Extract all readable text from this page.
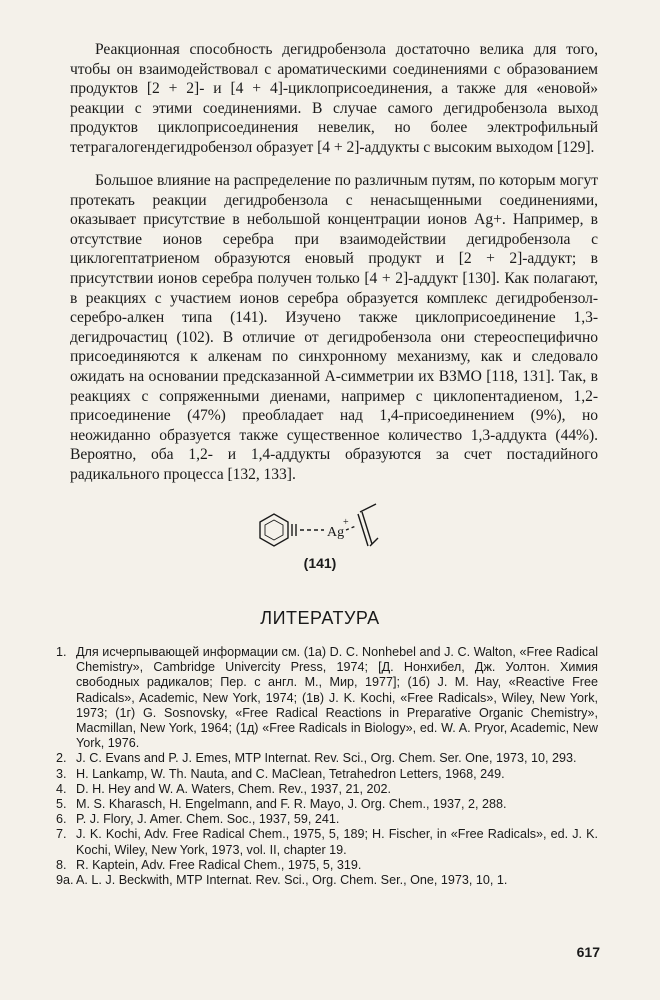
Реакционная способность дегидробензола достаточно велика для того, чтобы он взаимодействовал с ароматическими соединениями с образованием продуктов [2 + 2]- и [4 + 4]-циклоприсоединения, а также для «еновой» реакции с этими соединениями. В случае самого дегидробензола выход продуктов циклоприсоединения невелик, но более электрофильный тетрагалогендегидробензол образует [4 + 2]-аддукты с высоким выходом [129].

Большое влияние на распределение по различным путям, по которым могут протекать реакции дегидробензола с ненасыщенными соединениями, оказывает присутствие в небольшой концентрации ионов Ag+. Например, в отсутствие ионов серебра при взаимодействии дегидробензола с циклогептатриеном образуются еновый продукт и [2 + 2]-аддукт; в присутствии ионов серебра получен только [4 + 2]-аддукт [130]. Как полагают, в реакциях с участием ионов серебра образуется комплекс дегидробензол-серебро-алкен типа (141). Изучено также циклоприсоединение 1,3-дегидрочастиц (102). В отличие от дегидробензола они стереоспецифично присоединяются к алкенам по синхронному механизму, как и следовало ожидать на основании предсказанной A-симметрии их ВЗМО [118, 131]. Так, в реакциях с сопряженными диенами, например с циклопентадиеном, 1,2-присоединение (47%) преобладает над 1,4-присоединением (9%), но неожиданно образуется также существенное количество 1,3-аддукта (44%). Вероятно, оба 1,2- и 1,4-аддукты образуются за счет постадийного радикального процесса [132, 133].

Ag
+
(141)
ЛИТЕРАТУРА
1. Для исчерпывающей информации см. (1а) D. C. Nonhebel and J. C. Walton, «Free Radical Chemistry», Cambridge Univercity Press, 1974; [Д. Нонхибел, Дж. Уолтон. Химия свободных радикалов; Пер. с англ. М., Мир, 1977]; (1б) J. M. Hay, «Reactive Free Radicals», Academic, New York, 1974; (1в) J. K. Kochi, «Free Radicals», Wiley, New York, 1973; (1г) G. Sosnovsky, «Free Radical Reactions in Preparative Organic Chemistry», Macmillan, New York, 1964; (1д) «Free Radicals in Biology», ed. W. A. Pryor, Academic, New York, 1976.
2. J. C. Evans and P. J. Emes, MTP Internat. Rev. Sci., Org. Chem. Ser. One, 1973, 10, 293.
3. H. Lankamp, W. Th. Nauta, and C. MaClean, Tetrahedron Letters, 1968, 249.
4. D. H. Hey and W. A. Waters, Chem. Rev., 1937, 21, 202.
5. M. S. Kharasch, H. Engelmann, and F. R. Mayo, J. Org. Chem., 1937, 2, 288.
6. P. J. Flory, J. Amer. Chem. Soc., 1937, 59, 241.
7. J. K. Kochi, Adv. Free Radical Chem., 1975, 5, 189; H. Fischer, in «Free Radicals», ed. J. K. Kochi, Wiley, New York, 1973, vol. II, chapter 19.
8. R. Kaptein, Adv. Free Radical Chem., 1975, 5, 319.
9а. A. L. J. Beckwith, MTP Internat. Rev. Sci., Org. Chem. Ser., One, 1973, 10, 1.
617
